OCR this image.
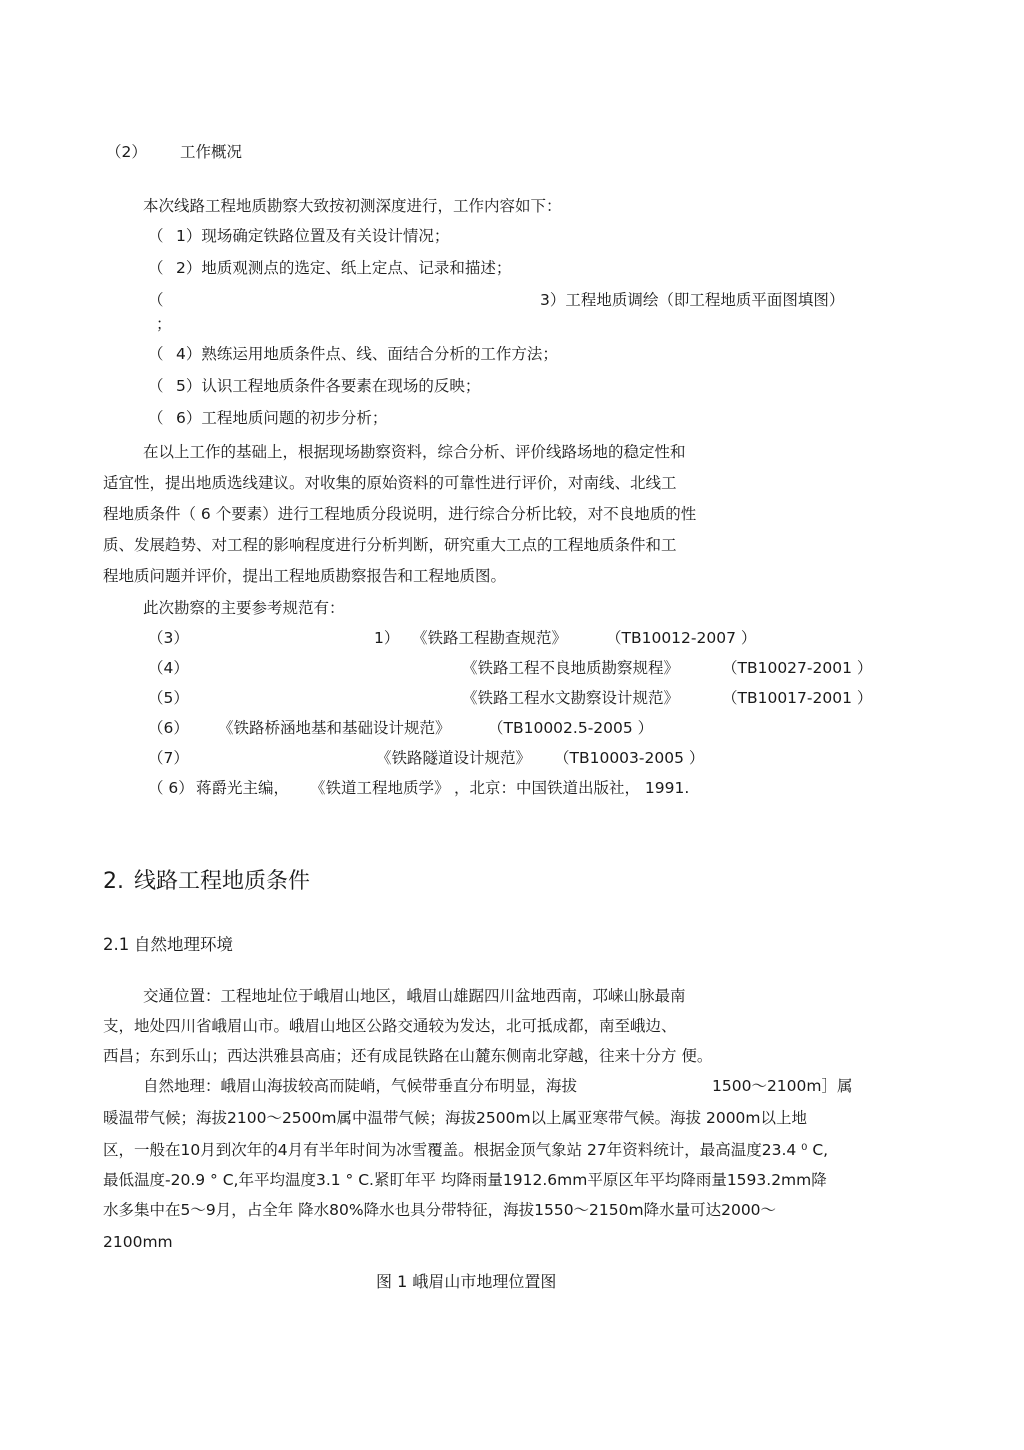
（2） 工作概况
本次线路工程地质勘察大致按初测深度进行，工作内容如下：
（ 1）现场确定铁路位置及有关设计情况；
（ 2）地质观测点的选定、纸上定点、记录和描述；
（	3）工程地质调绘（即工程地质平面图填图）
；
（ 4）熟练运用地质条件点、线、面结合分析的工作方法；
（ 5）认识工程地质条件各要素在现场的反映；
（ 6）工程地质问题的初步分析；
在以上工作的基础上，根据现场勘察资料，综合分析、评价线路场地的稳定性和
适宜性，提出地质选线建议。对收集的原始资料的可靠性进行评价，对南线、北线工
程地质条件（ 6 个要素）进行工程地质分段说明，进行综合分析比较，对不良地质的性
质、发展趋势、对工程的影响程度进行分析判断，研究重大工点的工程地质条件和工
程地质问题并评价，提出工程地质勘察报告和工程地质图。
此次勘察的主要参考规范有：
（3）	1） 《铁路工程勘查规范》	（TB10012-2007 ）
（4）	《铁路工程不良地质勘察规程》	（TB10027-2001 ）
（5）	《铁路工程水文勘察设计规范》	（TB10017-2001 ）
（6） 《铁路桥涵地基和基础设计规范》 （TB10002.5-2005 ）
（7）	《铁路隧道设计规范》 （TB10003-2005 ）
（ 6） 蒋爵光主编， 《铁道工程地质学》 ，北京：中国铁道出版社， 1991.
2. 线路工程地质条件
2.1 自然地理环境
交通位置：工程地址位于峨眉山地区，峨眉山雄踞四川盆地西南，邛崃山脉最南
支，地处四川省峨眉山市。峨眉山地区公路交通较为发达，北可抵成都，南至峨边、
西昌；东到乐山；西达洪雅县高庙；还有成昆铁路在山麓东侧南北穿越，往来十分方 便。
自然地理：峨眉山海拔较高而陡峭，气候带垂直分布明显，海拔	1500〜2100m］属
暖温带气候；海拔2100〜2500m属中温带气候；海拔2500m以上属亚寒带气候。海拔 2000m以上地
区，一般在10月到次年的4月有半年时间为冰雪覆盖。根据金顶气象站 27年资料统计，最高温度23.4 ⁰ C,
最低温度-20.9 ° C,年平均温度3.1 ° C.紧盯年平 均降雨量1912.6mm平原区年平均降雨量1593.2mm降
水多集中在5〜9月，占全年 降水80%降水也具分带特征，海拔1550〜2150m降水量可达2000〜
2100mm
图 1 峨眉山市地理位置图
